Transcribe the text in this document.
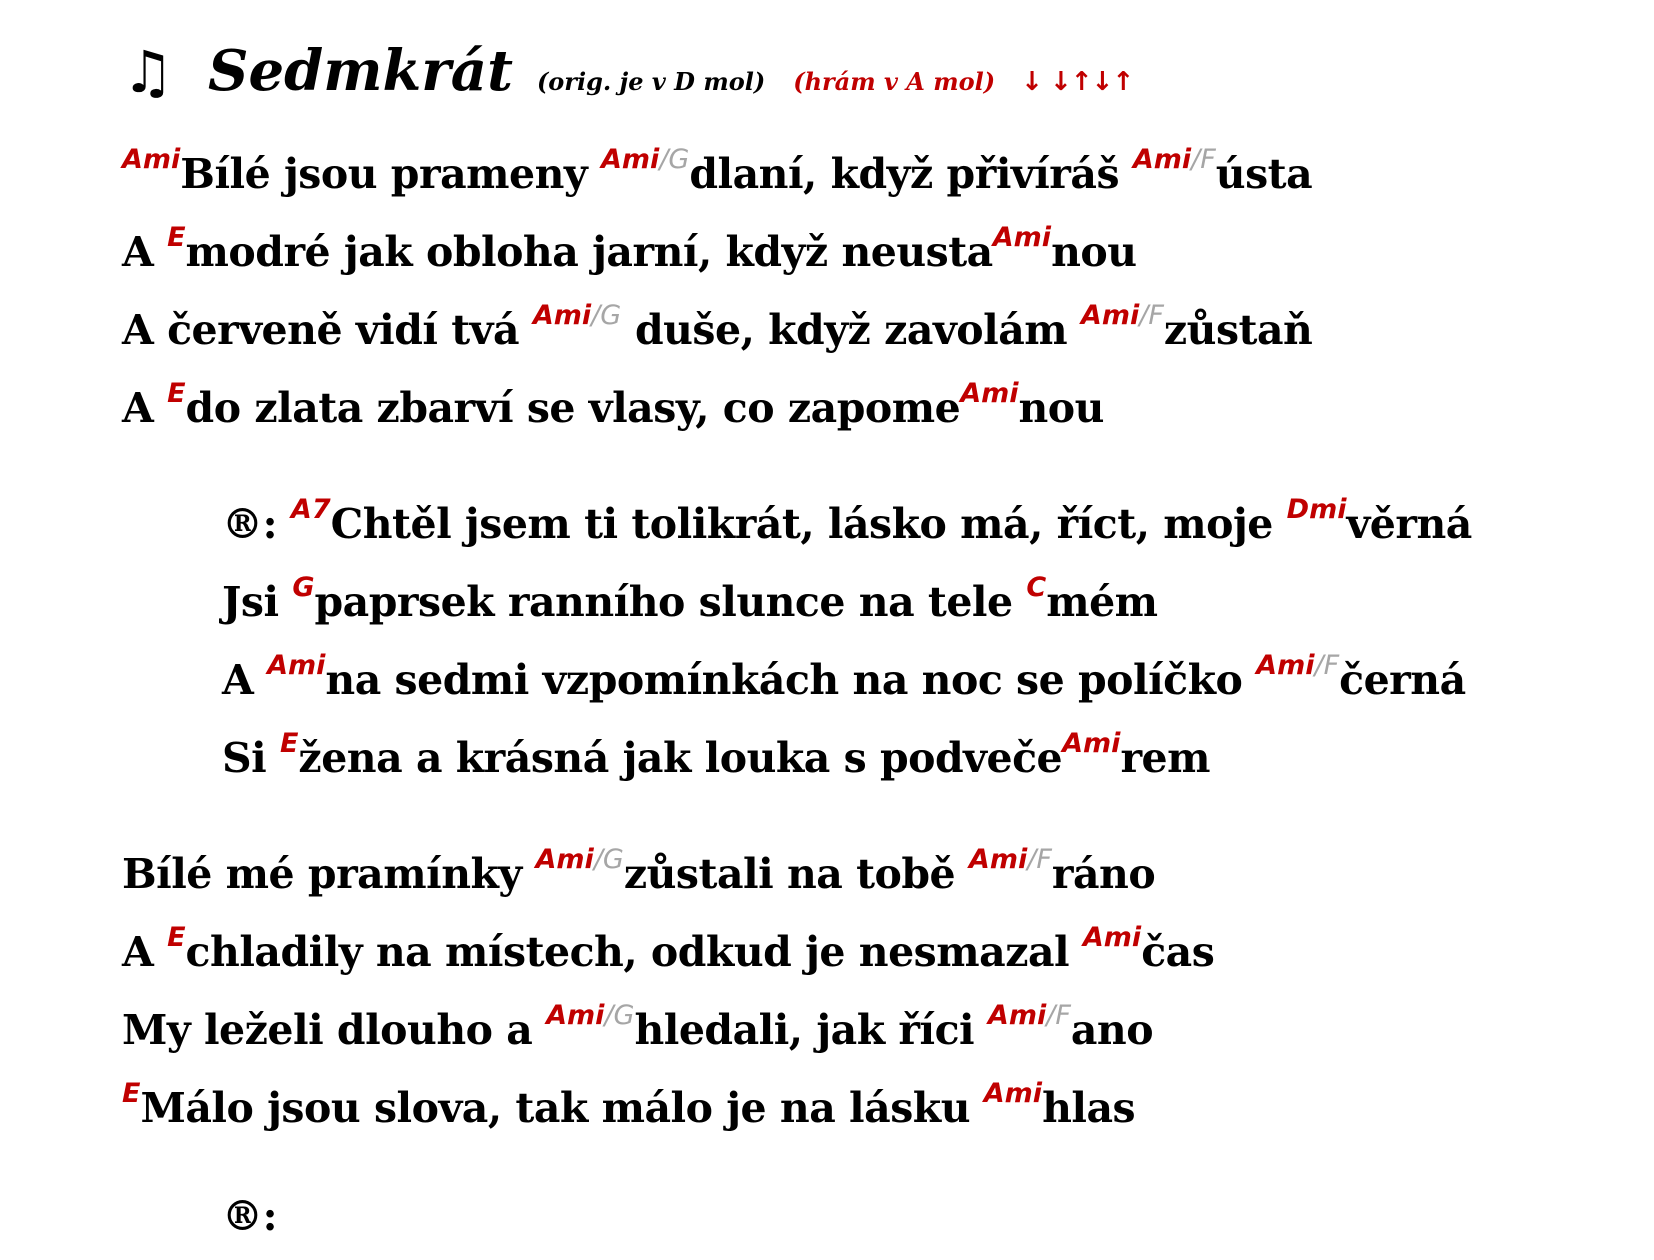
♫ Sedmkrát (orig. je v D mol) (hrám v A mol) ↓ ↓↑↓↑
$^{Ami}$Bílé jsou prameny $^{Ami/G}$dlaní, když přivíráš $^{Ami/F}$ústa
A $^E$modré jak obloha jarní, když neusta$^{Ami}$nou
A červeně vidí tvá $^{Ami/G}$ duše, když zavolám $^{Ami/F}$zůstaň
A $^E$do zlata zbarví se vlasy, co zapome$^{Ami}$nou
®: $^{A7}$Chtěl jsem ti tolikrát, lásko má, říct, moje $^{Dmi}$věrná
Jsi $^G$paprsek ranního slunce na tele $^C$mém
A $^{Ami}$na sedmi vzpomínkách na noc se políčko $^{Ami/F}$černá
Si $^E$žena a krásná jak louka s podveče$^{Ami}$rem
Bílé mé pramínky $^{Ami/G}$zůstali na tobě $^{Ami/F}$ráno
A $^E$chladily na místech, odkud je nesmazal $^{Ami}$čas
My leželi dlouho a $^{Ami/G}$hledali, jak říci $^{Ami/F}$ano
$^E$Málo jsou slova, tak málo je na lásku $^{Ami}$hlas
®:
